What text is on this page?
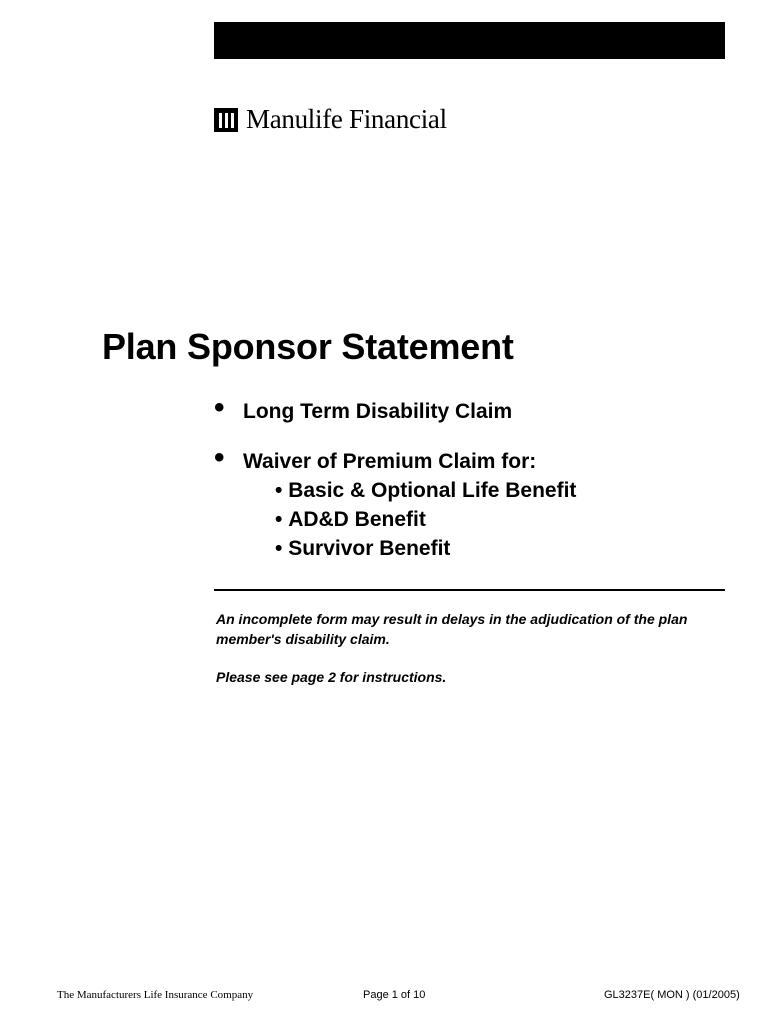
Manulife Financial
Plan Sponsor Statement
• Long Term Disability Claim
• Waiver of Premium Claim for:
• Basic & Optional Life Benefit
• AD&D Benefit
• Survivor Benefit

An incomplete form may result in delays in the adjudication of the plan member's disability claim.

Please see page 2 for instructions.

The Manufacturers Life Insurance Company	Page 1 of 10	GL3237E( MON ) (01/2005)
